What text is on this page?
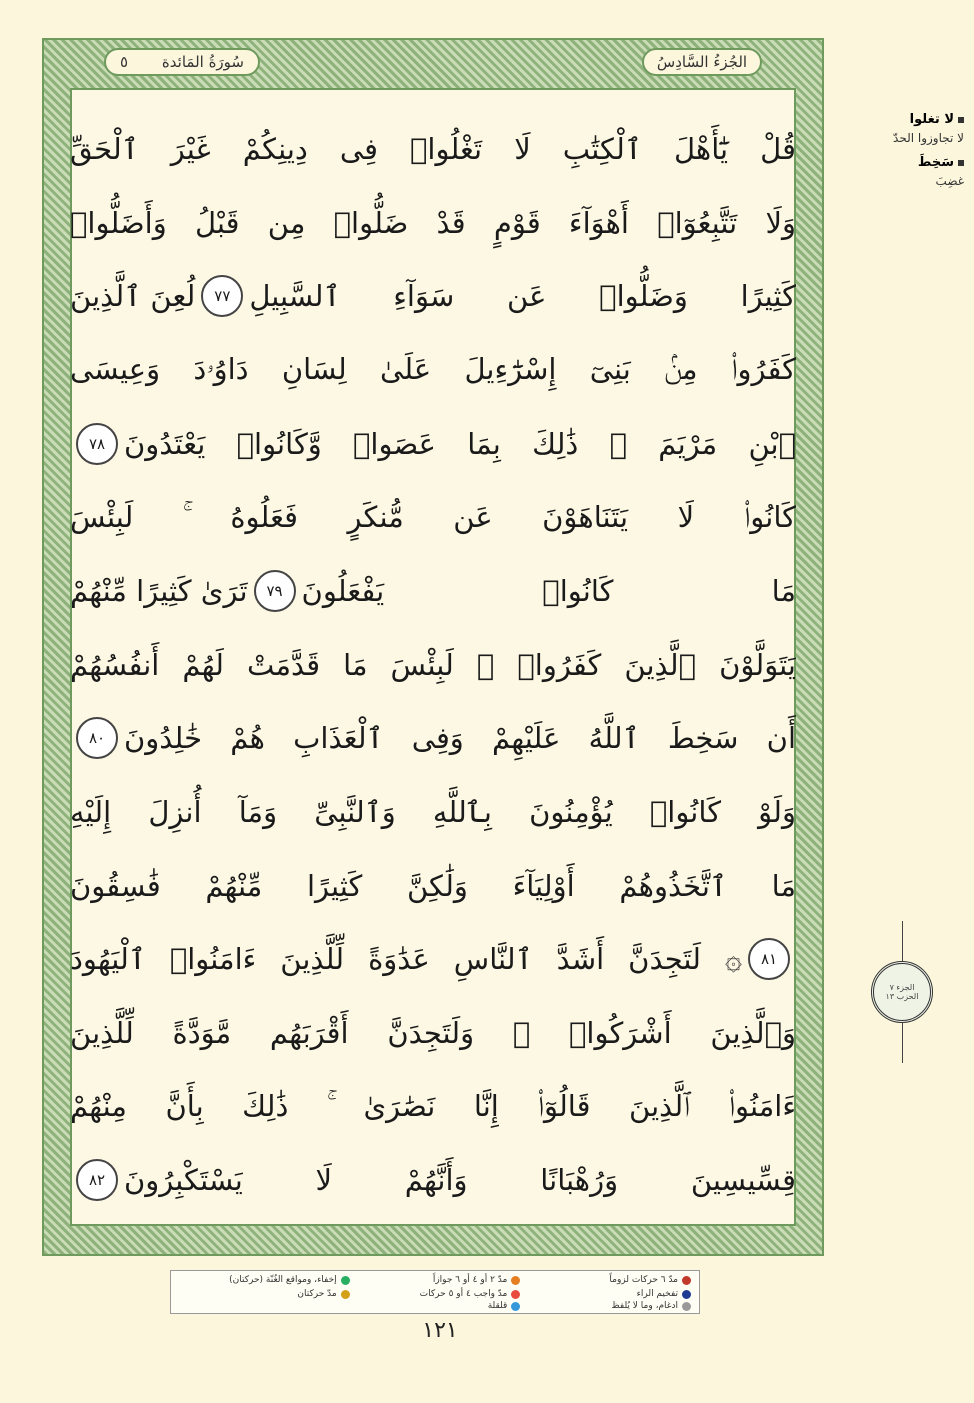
سُورَةُ المَائدة
٥	الجُزءُ السَّادِسُ
قُلْ يَٰٓأَهْلَ ٱلْكِتَٰبِ لَا تَغْلُوا۟ فِى دِينِكُمْ غَيْرَ ٱلْحَقِّ
وَلَا تَتَّبِعُوٓا۟ أَهْوَآءَ قَوْمٍ قَدْ ضَلُّوا۟ مِن قَبْلُ وَأَضَلُّوا۟
كَثِيرًا وَضَلُّوا۟ عَن سَوَآءِ ٱلسَّبِيلِ
٧٧
لُعِنَ ٱلَّذِينَ
كَفَرُوا۟ مِنۢ بَنِىٓ إِسْرَٰٓءِيلَ عَلَىٰ لِسَانِ دَاوُۥدَ وَعِيسَى
ٱبْنِ مَرْيَمَ ۚ ذَٰلِكَ بِمَا عَصَوا۟ وَّكَانُوا۟ يَعْتَدُونَ
٧٨
كَانُوا۟ لَا يَتَنَاهَوْنَ عَن مُّنكَرٍ فَعَلُوهُ ۚ لَبِئْسَ
مَا كَانُوا۟ يَفْعَلُونَ
٧٩
تَرَىٰ كَثِيرًا مِّنْهُمْ
يَتَوَلَّوْنَ ٱلَّذِينَ كَفَرُوا۟ ۚ لَبِئْسَ مَا قَدَّمَتْ لَهُمْ أَنفُسُهُمْ
أَن سَخِطَ ٱللَّهُ عَلَيْهِمْ وَفِى ٱلْعَذَابِ هُمْ خَٰلِدُونَ
٨٠
وَلَوْ كَانُوا۟ يُؤْمِنُونَ بِٱللَّهِ وَٱلنَّبِىِّ وَمَآ أُنزِلَ إِلَيْهِ
مَا ٱتَّخَذُوهُمْ أَوْلِيَآءَ وَلَٰكِنَّ كَثِيرًا مِّنْهُمْ فَٰسِقُونَ
٨١
۞ لَتَجِدَنَّ أَشَدَّ ٱلنَّاسِ عَدَٰوَةً لِّلَّذِينَ ءَامَنُوا۟ ٱلْيَهُودَ
وَٱلَّذِينَ أَشْرَكُوا۟ ۖ وَلَتَجِدَنَّ أَقْرَبَهُم مَّوَدَّةً لِّلَّذِينَ
ءَامَنُوا۟ ٱلَّذِينَ قَالُوٓا۟ إِنَّا نَصَٰرَىٰ ۚ ذَٰلِكَ بِأَنَّ مِنْهُمْ
قِسِّيسِينَ وَرُهْبَانًا وَأَنَّهُمْ لَا يَسْتَكْبِرُونَ
٨٢
لا تغلوا
لا تجاوزوا الحدّ
سَخِطَ
غضِبَ
الجزء ٧
الحزب ١٣
مدّ ٦ حركات لزوماً
مدّ ٢ أو ٤ أو ٦ جوازاً
إخفاء، ومواقع الغُنّة (حركتان)
تفخيم الراء
مدّ واجب ٤ أو ٥ حركات
مدّ حركتان
ادغام، وما لا يُلفظ
قلقلة
١٢١
